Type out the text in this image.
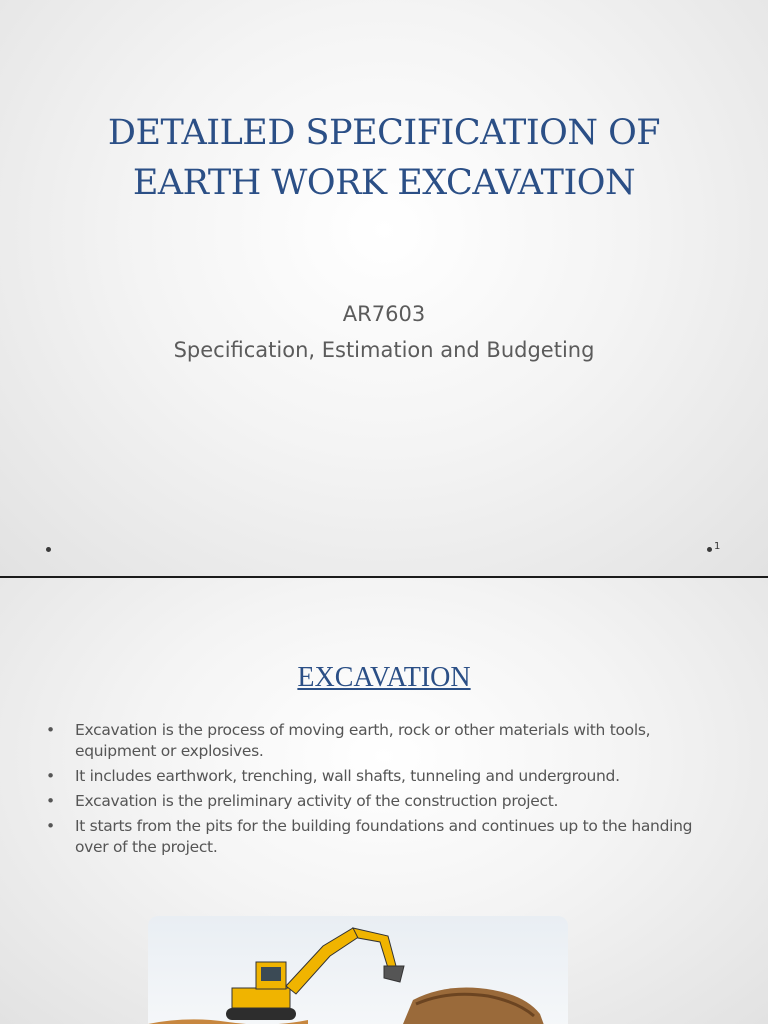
DETAILED SPECIFICATION OF
EARTH WORK EXCAVATION

AR7603

Specification, Estimation and Budgeting

1
EXCAVATION
• Excavation is the process of moving earth, rock or other materials with tools, equipment or explosives.
• It includes earthwork, trenching, wall shafts, tunneling and underground.
• Excavation is the preliminary activity of the construction project.
• It starts from the pits for the building foundations and continues up to the handing over of the project.
